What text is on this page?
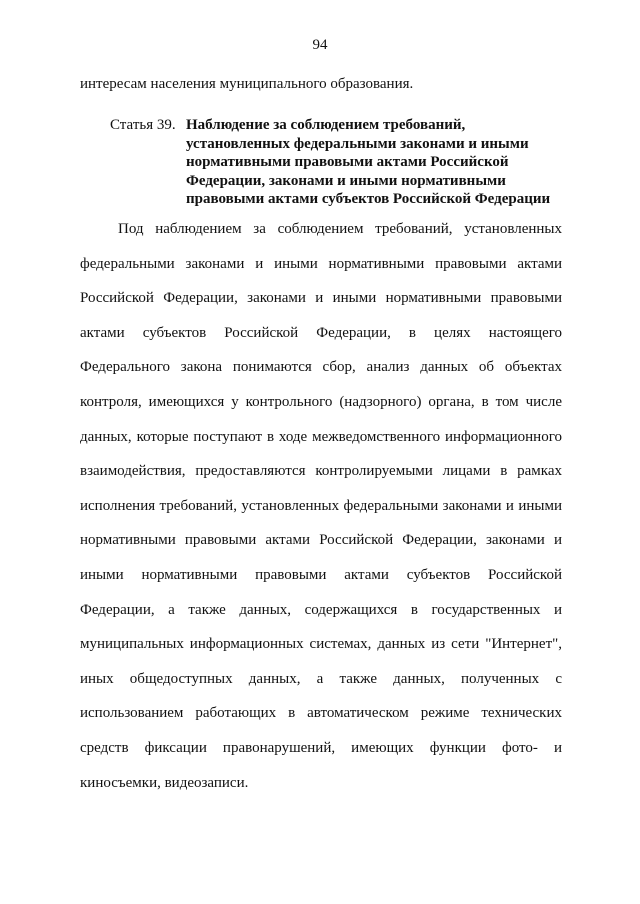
94
интересам населения муниципального образования.
Статья 39. Наблюдение за соблюдением требований,
установленных федеральными законами и иными
нормативными правовыми актами Российской
Федерации, законами и иными нормативными
правовыми актами субъектов Российской Федерации
Под наблюдением за соблюдением требований, установленных
федеральными законами и иными нормативными правовыми актами
Российской Федерации, законами и иными нормативными правовыми
актами субъектов Российской Федерации, в целях настоящего
Федерального закона понимаются сбор, анализ данных об объектах
контроля, имеющихся у контрольного (надзорного) органа, в том числе
данных, которые поступают в ходе межведомственного информационного
взаимодействия, предоставляются контролируемыми лицами в рамках
исполнения требований, установленных федеральными законами и иными
нормативными правовыми актами Российской Федерации, законами и
иными нормативными правовыми актами субъектов Российской
Федерации, а также данных, содержащихся в государственных и
муниципальных информационных системах, данных из сети "Интернет",
иных общедоступных данных, а также данных, полученных с
использованием работающих в автоматическом режиме технических
средств фиксации правонарушений, имеющих функции фото- и
киносъемки, видеозаписи.
